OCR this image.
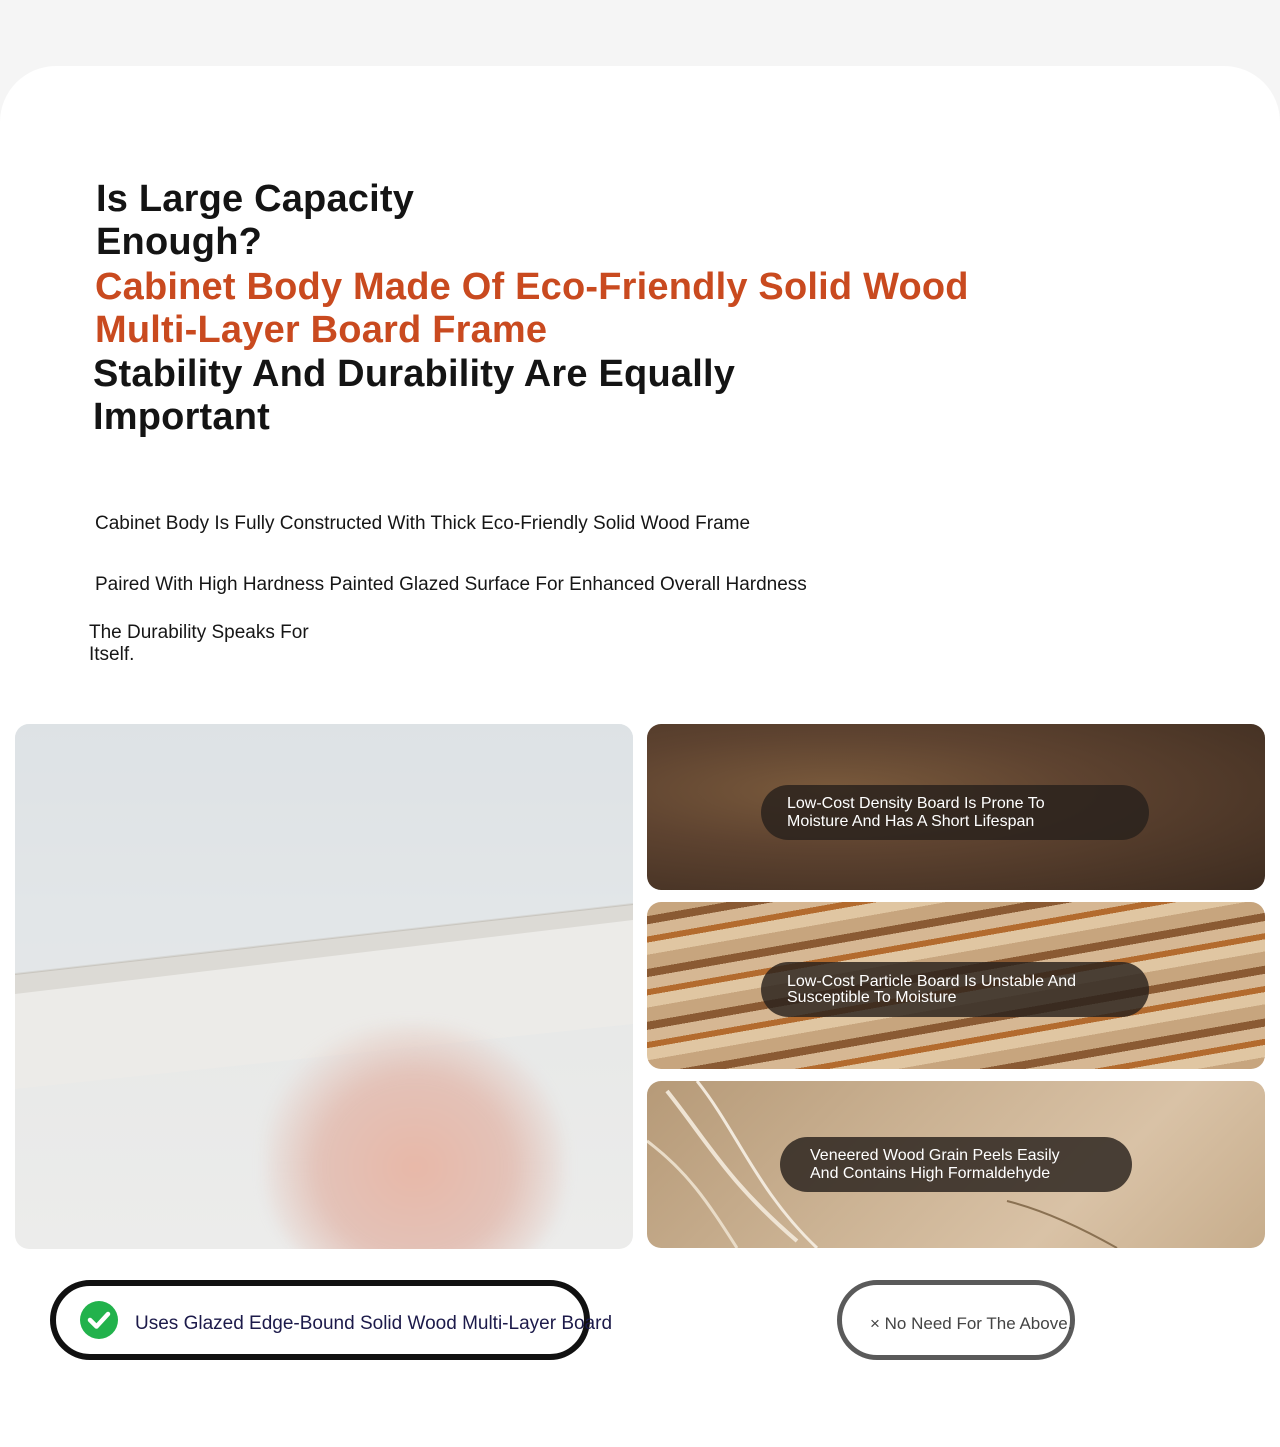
Is Large Capacity
Enough?
Cabinet Body Made Of Eco-Friendly Solid Wood
Multi-Layer Board Frame
Stability And Durability Are Equally
Important
Cabinet Body Is Fully Constructed With Thick Eco-Friendly Solid Wood Frame
Paired With High Hardness Painted Glazed Surface For Enhanced Overall Hardness
The Durability Speaks For
Itself.
Low-Cost Density Board Is Prone To
Moisture And Has A Short Lifespan
Low-Cost Particle Board Is Unstable And
Susceptible To Moisture
Veneered Wood Grain Peels Easily
And Contains High Formaldehyde
Uses Glazed Edge-Bound Solid Wood Multi-Layer Board	× No Need For The Above.
